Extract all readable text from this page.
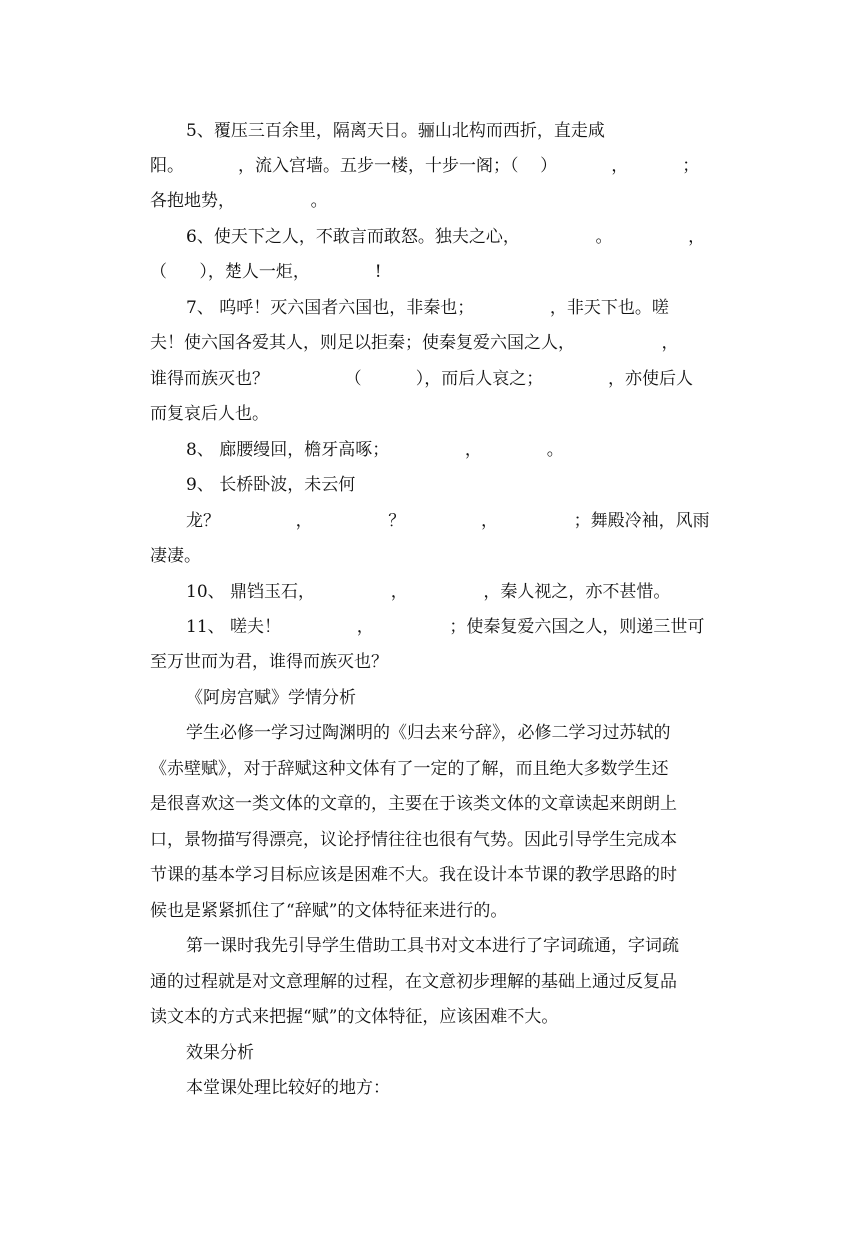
5、覆压三百余里，隔离天日。骊山北构而西折，直走咸
阳。          ，流入宫墙。五步一楼，十步一阁；（    ）          ，          ；
各抱地势，              。
6、使天下之人，不敢言而敢怒。独夫之心，              。              ，
（      ），楚人一炬，            !
7、 呜呼！灭六国者六国也，非秦也；              ，非天下也。嗟
夫！使六国各爱其人，则足以拒秦；使秦复爱六国之人，                ，
谁得而族灭也？              （          ），而后人哀之；            ，亦使后人
而复哀后人也。
8、 廊腰缦回，檐牙高啄；              ，            。
9、 长桥卧波，未云何
龙？              ，              ？              ，              ；舞殿冷袖，风雨
凄凄。
10、 鼎铛玉石，              ，              ，秦人视之，亦不甚惜。
11、 嗟夫！              ，              ；使秦复爱六国之人，则递三世可
至万世而为君，谁得而族灭也？
《阿房宫赋》学情分析
学生必修一学习过陶渊明的《归去来兮辞》，必修二学习过苏轼的
《赤壁赋》，对于辞赋这种文体有了一定的了解，而且绝大多数学生还
是很喜欢这一类文体的文章的，主要在于该类文体的文章读起来朗朗上
口，景物描写得漂亮，议论抒情往往也很有气势。因此引导学生完成本
节课的基本学习目标应该是困难不大。我在设计本节课的教学思路的时
候也是紧紧抓住了“辞赋”的文体特征来进行的。
第一课时我先引导学生借助工具书对文本进行了字词疏通，字词疏
通的过程就是对文意理解的过程，在文意初步理解的基础上通过反复品
读文本的方式来把握“赋”的文体特征，应该困难不大。
效果分析
本堂课处理比较好的地方：
